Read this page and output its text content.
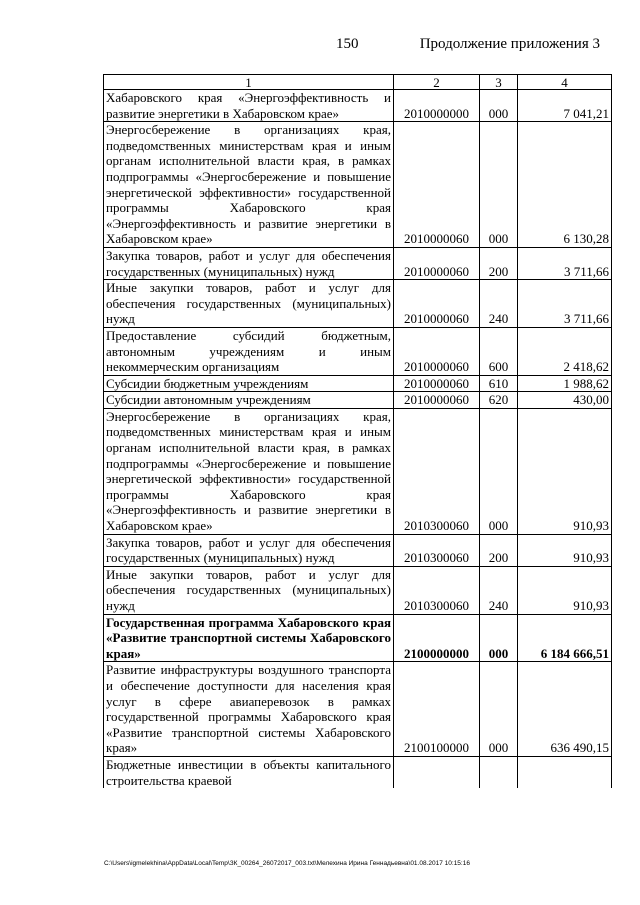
150	Продолжение приложения 3
1	2	3	4
Хабаровского края «Энергоэффективность и развитие энергетики в Хабаровском крае»	2010000000	000	7 041,21
Энергосбережение в организациях края, подведомственных министерствам края и иным органам исполнительной власти края, в рамках подпрограммы «Энергосбережение и повышение энергетической эффективности» государственной программы Хабаровского края «Энергоэффективность и развитие энергетики в Хабаровском крае»	2010000060	000	6 130,28
Закупка товаров, работ и услуг для обеспечения государственных (муниципальных) нужд	2010000060	200	3 711,66
Иные закупки товаров, работ и услуг для обеспечения государственных (муниципальных) нужд	2010000060	240	3 711,66
Предоставление субсидий бюджетным, автономным учреждениям и иным некоммерческим организациям	2010000060	600	2 418,62
Субсидии бюджетным учреждениям	2010000060	610	1 988,62
Субсидии автономным учреждениям	2010000060	620	430,00
Энергосбережение в организациях края, подведомственных министерствам края и иным органам исполнительной власти края, в рамках подпрограммы «Энергосбережение и повышение энергетической эффективности» государственной программы Хабаровского края «Энергоэффективность и развитие энергетики в Хабаровском крае»	2010300060	000	910,93
Закупка товаров, работ и услуг для обеспечения государственных (муниципальных) нужд	2010300060	200	910,93
Иные закупки товаров, работ и услуг для обеспечения государственных (муниципальных) нужд	2010300060	240	910,93
Государственная программа Хабаровского края «Развитие транспортной системы Хабаровского края»	2100000000	000	6 184 666,51
Развитие инфраструктуры воздушного транспорта и обеспечение доступности для населения края услуг в сфере авиаперевозок в рамках государственной программы Хабаровского края «Развитие транспортной системы Хабаровского края»	2100100000	000	636 490,15
Бюджетные инвестиции в объекты капитального строительства краевой			
C:\Users\igmelekhina\AppData\Local\Temp\ЗК_00264_26072017_003.txt\Мелехина Ирина Геннадьевна\01.08.2017 10:15:16
